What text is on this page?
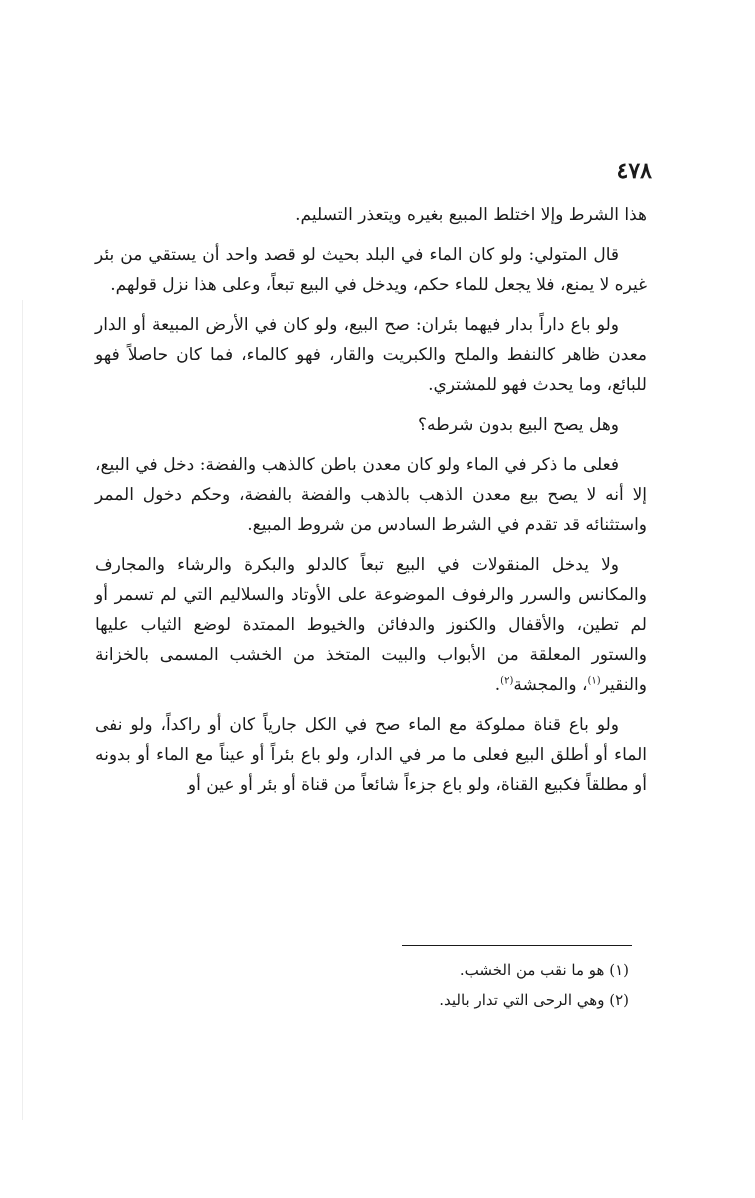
٤٧٨

هذا الشرط وإلا اختلط المبيع بغيره ويتعذر التسليم.

قال المتولي: ولو كان الماء في البلد بحيث لو قصد واحد أن يستقي من بئر غيره لا يمنع، فلا يجعل للماء حكم، ويدخل في البيع تبعاً، وعلى هذا نزل قولهم.

ولو باع داراً بدار فيهما بئران: صح البيع، ولو كان في الأرض المبيعة أو الدار معدن ظاهر كالنفط والملح والكبريت والقار، فهو كالماء، فما كان حاصلاً فهو للبائع، وما يحدث فهو للمشتري.

وهل يصح البيع بدون شرطه؟

فعلى ما ذكر في الماء ولو كان معدن باطن كالذهب والفضة: دخل في البيع، إلا أنه لا يصح بيع معدن الذهب بالذهب والفضة بالفضة، وحكم دخول الممر واستثنائه قد تقدم في الشرط السادس من شروط المبيع.

ولا يدخل المنقولات في البيع تبعاً كالدلو والبكرة والرشاء والمجارف والمكانس والسرر والرفوف الموضوعة على الأوتاد والسلاليم التي لم تسمر أو لم تطين، والأقفال والكنوز والدفائن والخيوط الممتدة لوضع الثياب عليها والستور المعلقة من الأبواب والبيت المتخذ من الخشب المسمى بالخزانة والنقير$^{(١)}$، والمجشة$^{(٢)}$.

ولو باع قناة مملوكة مع الماء صح في الكل جارياً كان أو راكداً، ولو نفى الماء أو أطلق البيع فعلى ما مر في الدار، ولو باع بئراً أو عيناً مع الماء أو بدونه أو مطلقاً فكبيع القناة، ولو باع جزءاً شائعاً من قناة أو بئر أو عين أو

(١) هو ما نقب من الخشب.
(٢) وهي الرحى التي تدار باليد.
